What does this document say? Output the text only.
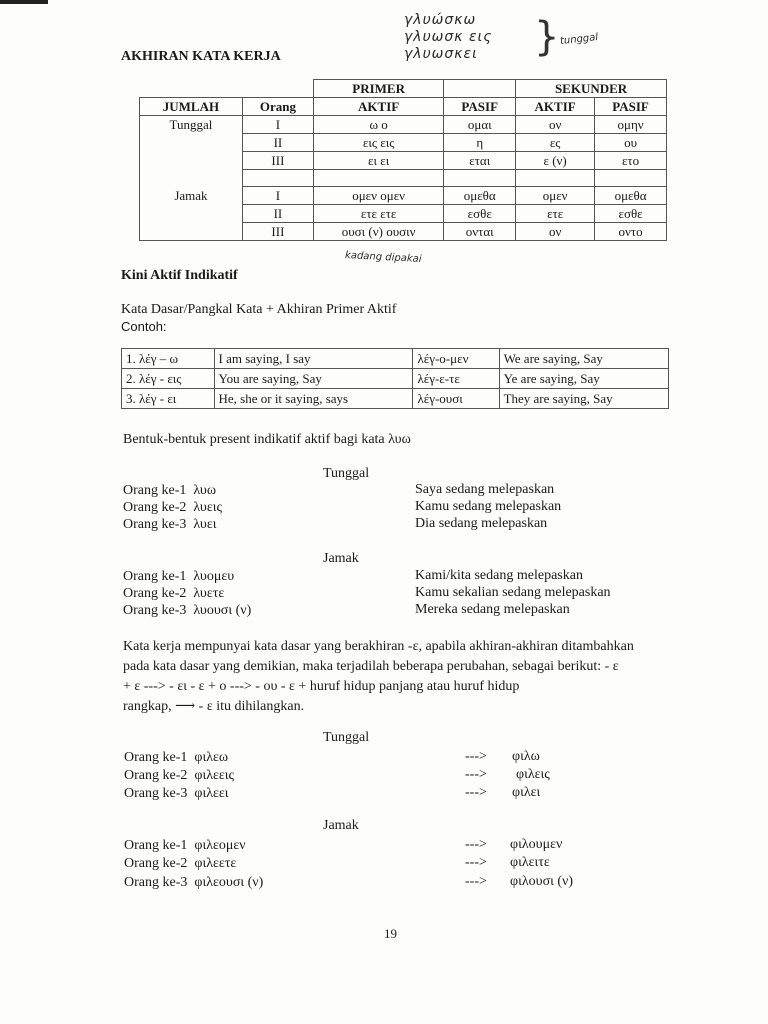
AKHIRAN KATA KERJA
γλυώσκω
γλυωσκ εις
γλυωσκει	} tunggal
		PRIMER		SEKUNDER	
JUMLAH	Orang	AKTIF	PASIF	AKTIF	PASIF
Tunggal	I	ω ο	ομαι	ον	ομην
	II	εις εις	η	ες	ου
	III	ει ει	εται	ε (ν)	ετο

Jamak	I	ομεν ομεν	ομεθα	ομεν	ομεθα
	II	ετε ετε	εσθε	ετε	εσθε
	III	ουσι (ν) ουσιν	ονται	ον	οντο
kadang dipakai
Kini Aktif Indikatif
Kata Dasar/Pangkal Kata + Akhiran Primer Aktif
Contoh:
1. λέγ – ω	I am saying, I say	λέγ-ο-μεν	We are saying, Say
2. λέγ - εις	You are saying, Say	λέγ-ε-τε	Ye are saying, Say
3. λέγ - ει	He, she or it saying, says	λέγ-ουσι	They are saying, Say
Bentuk-bentuk present indikatif aktif bagi kata λυω
Tunggal
Orang ke-1 λυω	Saya sedang melepaskan
Orang ke-2 λυεις	Kamu sedang melepaskan
Orang ke-3 λυει	Dia sedang melepaskan
Jamak
Orang ke-1 λυομευ	Kami/kita sedang melepaskan
Orang ke-2 λυετε	Kamu sekalian sedang melepaskan
Orang ke-3 λυουσι (ν)	Mereka sedang melepaskan
Kata kerja mempunyai kata dasar yang berakhiran -ε, apabila akhiran-akhiran ditambahkan
pada kata dasar yang demikian, maka terjadilah beberapa perubahan, sebagai berikut: - ε
+ ε ---> - ει - ε + ο ---> - ου - ε + huruf hidup panjang atau huruf hidup
rangkap, ⟶ - ε itu dihilangkan.
Tunggal
Orang ke-1 φιλεω	---> φιλω
Orang ke-2 φιλεεις	---> φιλεις
Orang ke-3 φιλεει	---> φιλει
Jamak
Orang ke-1 φιλεομεν	---> φιλουμεν
Orang ke-2 φιλεετε	---> φιλειτε
Orang ke-3 φιλεουσι (ν)	---> φιλουσι (ν)
19
